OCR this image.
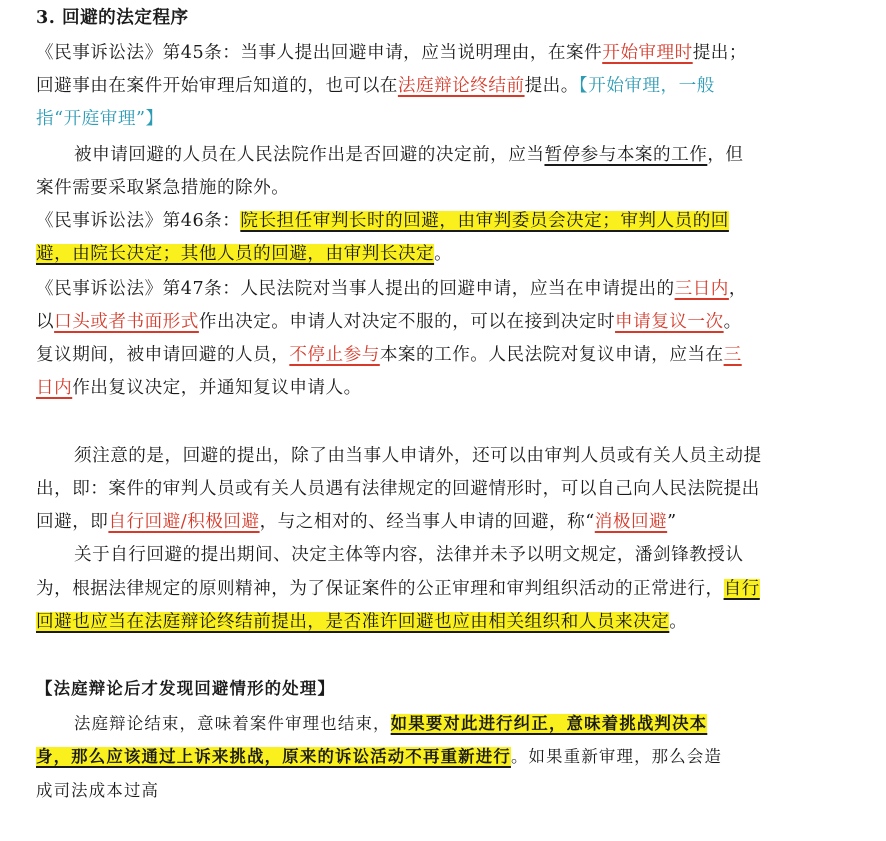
3. 回避的法定程序
《民事诉讼法》第45条：当事人提出回避申请，应当说明理由，在案件开始审理时提出；
回避事由在案件开始审理后知道的，也可以在法庭辩论终结前提出。【开始审理，一般
指“开庭审理”】
被申请回避的人员在人民法院作出是否回避的决定前，应当暂停参与本案的工作，但
案件需要采取紧急措施的除外。
《民事诉讼法》第46条：院长担任审判长时的回避，由审判委员会决定；审判人员的回
避，由院长决定；其他人员的回避，由审判长决定。
《民事诉讼法》第47条：人民法院对当事人提出的回避申请，应当在申请提出的三日内，
以口头或者书面形式作出决定。申请人对决定不服的，可以在接到决定时申请复议一次。
复议期间，被申请回避的人员，不停止参与本案的工作。人民法院对复议申请，应当在三
日内作出复议决定，并通知复议申请人。
须注意的是，回避的提出，除了由当事人申请外，还可以由审判人员或有关人员主动提
出，即：案件的审判人员或有关人员遇有法律规定的回避情形时，可以自己向人民法院提出
回避，即自行回避/积极回避，与之相对的、经当事人申请的回避，称“消极回避”
关于自行回避的提出期间、决定主体等内容，法律并未予以明文规定，潘剑锋教授认
为，根据法律规定的原则精神，为了保证案件的公正审理和审判组织活动的正常进行，自行
回避也应当在法庭辩论终结前提出，是否准许回避也应由相关组织和人员来决定。
【法庭辩论后才发现回避情形的处理】
法庭辩论结束，意味着案件审理也结束，如果要对此进行纠正，意味着挑战判决本
身，那么应该通过上诉来挑战，原来的诉讼活动不再重新进行。如果重新审理，那么会造
成司法成本过高
